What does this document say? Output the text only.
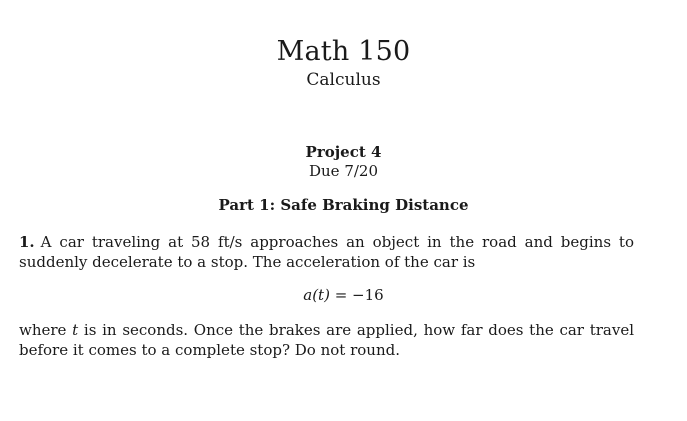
Math 150
Calculus
Project 4
Due 7/20
Part 1: Safe Braking Distance
1. A car traveling at 58 ft/s approaches an object in the road and begins to suddenly decelerate to a stop. The acceleration of the car is
a(t) = −16
where t is in seconds. Once the brakes are applied, how far does the car travel before it comes to a complete stop? Do not round.
